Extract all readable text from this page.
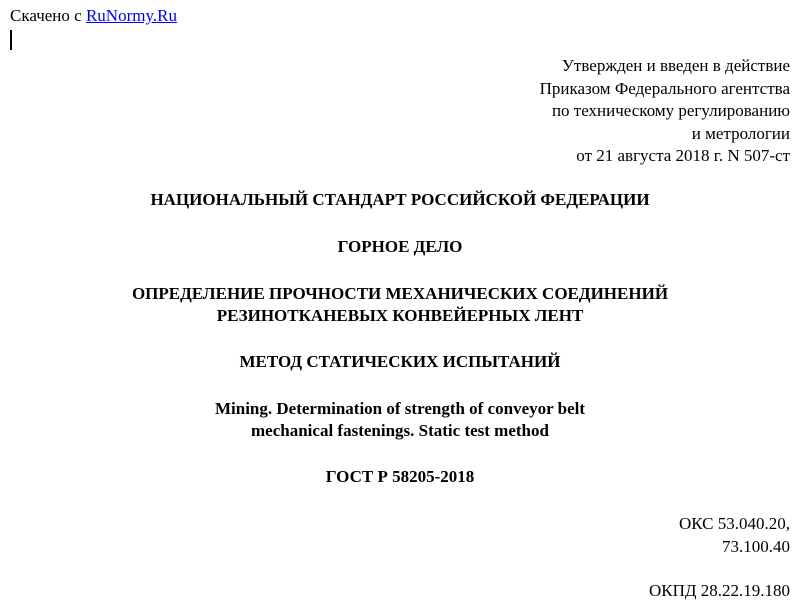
Скачено с RuNormy.Ru
Утвержден и введен в действие
Приказом Федерального агентства
по техническому регулированию
и метрологии
от 21 августа 2018 г. N 507-ст
НАЦИОНАЛЬНЫЙ СТАНДАРТ РОССИЙСКОЙ ФЕДЕРАЦИИ
ГОРНОЕ ДЕЛО
ОПРЕДЕЛЕНИЕ ПРОЧНОСТИ МЕХАНИЧЕСКИХ СОЕДИНЕНИЙ
РЕЗИНОТКАНЕВЫХ КОНВЕЙЕРНЫХ ЛЕНТ
МЕТОД СТАТИЧЕСКИХ ИСПЫТАНИЙ
Mining. Determination of strength of conveyor belt
mechanical fastenings. Static test method
ГОСТ Р 58205-2018
ОКС 53.040.20,
73.100.40
ОКПД 28.22.19.180
